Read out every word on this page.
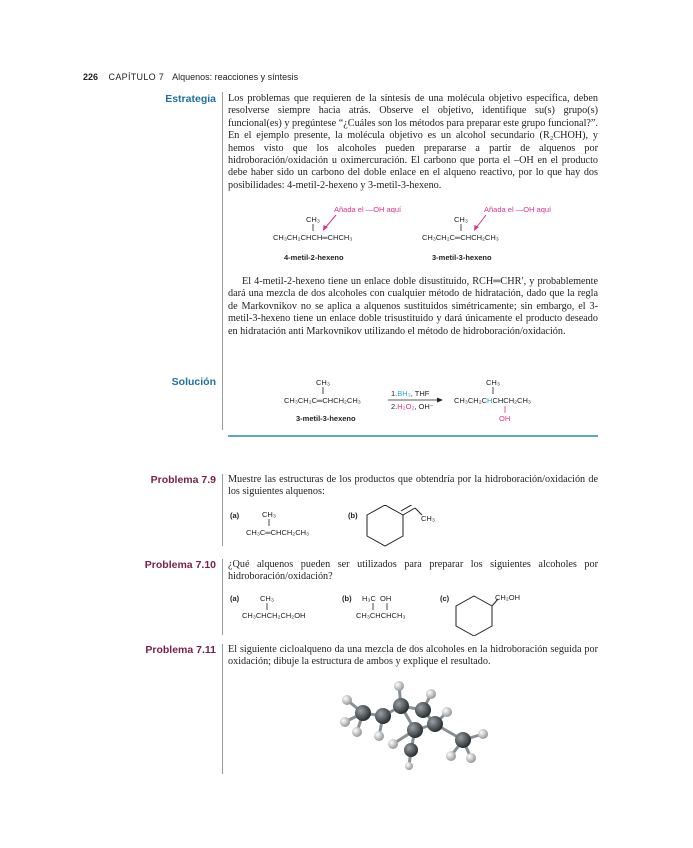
226 CAPÍTULO 7 Alquenos: reacciones y síntesis
Estrategia Los problemas que requieren de la síntesis de una molécula objetivo específica, deben resolverse siempre hacia atrás. Observe el objetivo, identifique su(s) grupo(s) funcional(es) y pregúntese “¿Cuáles son los métodos para preparar este grupo funcional?”. En el ejemplo presente, la molécula objetivo es un alcohol secundario (R₂CHOH), y hemos visto que los alcoholes pueden prepararse a partir de alquenos por hidroboración/oxidación u oximercuración. El carbono que porta el –OH en el producto debe haber sido un carbono del doble enlace en el alqueno reactivo, por lo que hay dos posibilidades: 4-metil-2-hexeno y 3-metil-3-hexeno.

Añada el —OH aquí
CH₃
CH₃CH₂CHCH═CHCH₃
4-metil-2-hexeno
Añada el —OH aquí
CH₃
CH₃CH₂C═CHCH₂CH₃
3-metil-3-hexeno

El 4-metil-2-hexeno tiene un enlace doble disustituido, RCH═CHR′, y probablemente dará una mezcla de dos alcoholes con cualquier método de hidratación, dado que la regla de Markovnikov no se aplica a alquenos sustituidos simétricamente; sin embargo, el 3-metil-3-hexeno tiene un enlace doble trisustituido y dará únicamente el producto deseado en hidratación anti Markovnikov utilizando el método de hidroboración/oxidación.

Solución	CH₃
CH₃CH₂C═CHCH₂CH₃
3-metil-3-hexeno
1.BH₃, THF
2.H₂O₂, OH⁻
CH₃
CH₃CH₂CHCHCH₂CH₃
OH
Problema 7.9 Muestre las estructuras de los productos que obtendría por la hidroboración/oxidación de los siguientes alquenos:
(a)	CH₃
CH₃C═CHCH₂CH₃
(b)	CH₃
Problema 7.10 ¿Qué alquenos pueden ser utilizados para preparar los siguientes alcoholes por hidroboración/oxidación?
(a)	CH₃
CH₃CHCH₂CH₂OH
(b) H₃C  OH
CH₃CHCHCH₃
(c)	CH₂OH
Problema 7.11 El siguiente cicloalqueno da una mezcla de dos alcoholes en la hidroboración seguida por oxidación; dibuje la estructura de ambos y explique el resultado.
